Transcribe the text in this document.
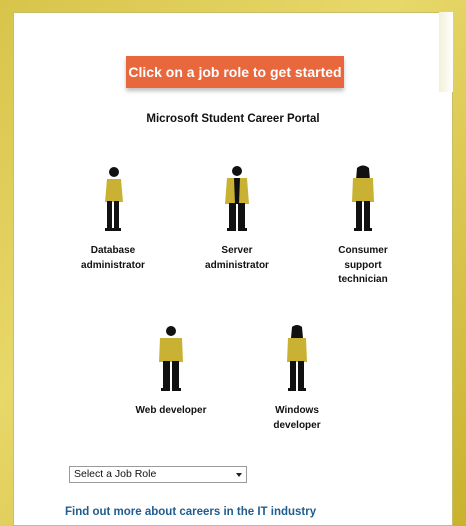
Click on a job role to get started
Microsoft Student Career Portal
Database
administrator
Server
administrator
Consumer
support
technician
Web developer	Windows
developer
Select a Job Role
Find out more about careers in the IT industry
